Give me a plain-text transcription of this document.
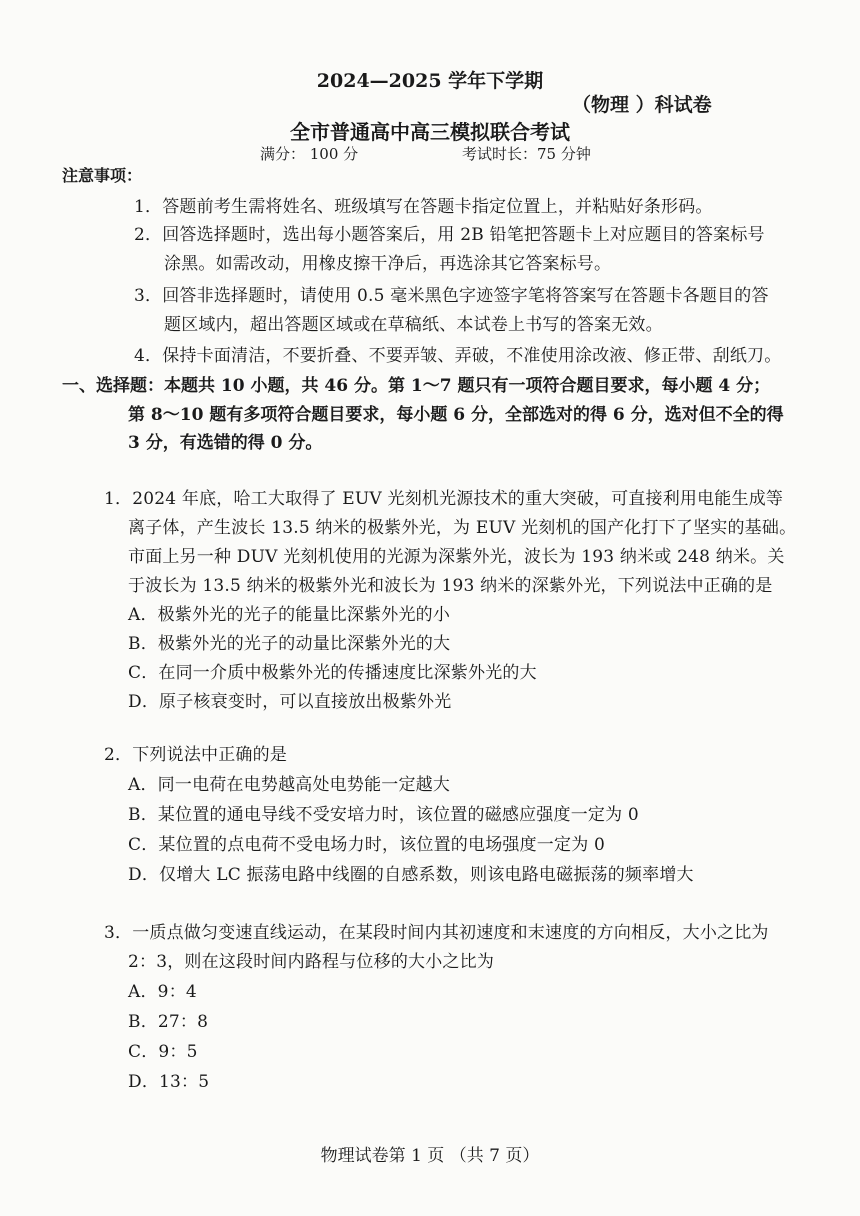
2024—2025 学年下学期
（物理 ）科试卷
全市普通高中高三模拟联合考试
满分： 100 分	考试时长：75 分钟
注意事项：
1．答题前考生需将姓名、班级填写在答题卡指定位置上，并粘贴好条形码。
2．回答选择题时，选出每小题答案后，用 2B 铅笔把答题卡上对应题目的答案标号
涂黑。如需改动，用橡皮擦干净后，再选涂其它答案标号。
3．回答非选择题时，请使用 0.5 毫米黑色字迹签字笔将答案写在答题卡各题目的答
题区域内，超出答题区域或在草稿纸、本试卷上书写的答案无效。
4．保持卡面清洁，不要折叠、不要弄皱、弄破，不准使用涂改液、修正带、刮纸刀。
一、选择题：本题共 10 小题，共 46 分。第 1～7 题只有一项符合题目要求，每小题 4 分；
第 8～10 题有多项符合题目要求，每小题 6 分，全部选对的得 6 分，选对但不全的得
3 分，有选错的得 0 分。
1．2024 年底，哈工大取得了 EUV 光刻机光源技术的重大突破，可直接利用电能生成等
离子体，产生波长 13.5 纳米的极紫外光，为 EUV 光刻机的国产化打下了坚实的基础。
市面上另一种 DUV 光刻机使用的光源为深紫外光，波长为 193 纳米或 248 纳米。关
于波长为 13.5 纳米的极紫外光和波长为 193 纳米的深紫外光，下列说法中正确的是
A．极紫外光的光子的能量比深紫外光的小
B．极紫外光的光子的动量比深紫外光的大
C．在同一介质中极紫外光的传播速度比深紫外光的大
D．原子核衰变时，可以直接放出极紫外光
2．下列说法中正确的是
A．同一电荷在电势越高处电势能一定越大
B．某位置的通电导线不受安培力时，该位置的磁感应强度一定为 0
C．某位置的点电荷不受电场力时，该位置的电场强度一定为 0
D．仅增大 LC 振荡电路中线圈的自感系数，则该电路电磁振荡的频率增大
3．一质点做匀变速直线运动，在某段时间内其初速度和末速度的方向相反，大小之比为
2：3，则在这段时间内路程与位移的大小之比为
A．9：4
B．27：8
C．9：5
D．13：5
物理试卷第 1 页 （共 7 页）
